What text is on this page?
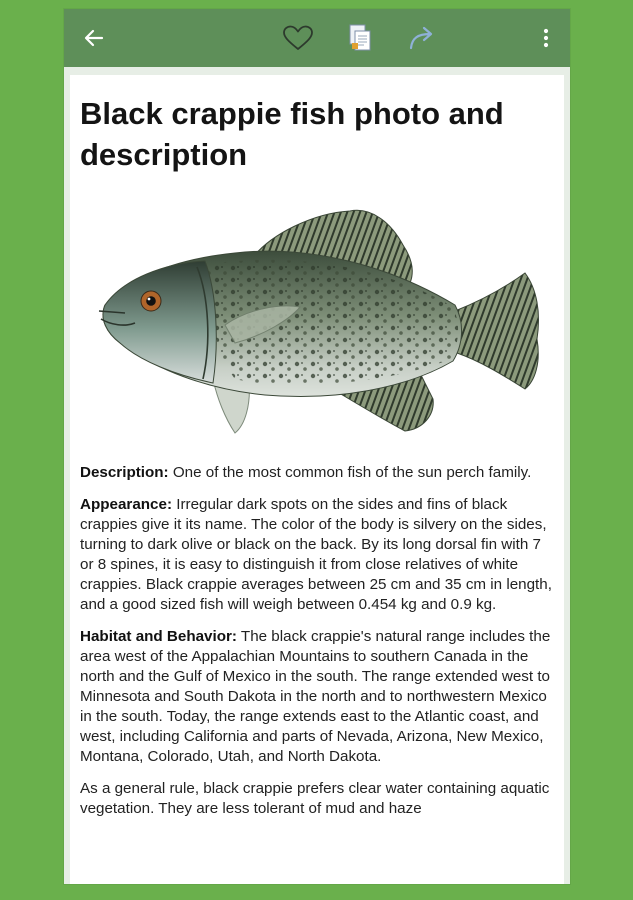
Black crappie fish photo and description

Description: One of the most common fish of the sun perch family.

Appearance: Irregular dark spots on the sides and fins of black crappies give it its name. The color of the body is silvery on the sides, turning to dark olive or black on the back. By its long dorsal fin with 7 or 8 spines, it is easy to distinguish it from close relatives of white crappies. Black crappie averages between 25 cm and 35 cm in length, and a good sized fish will weigh between 0.454 kg and 0.9 kg.

Habitat and Behavior: The black crappie's natural range includes the area west of the Appalachian Mountains to southern Canada in the north and the Gulf of Mexico in the south. The range extended west to Minnesota and South Dakota in the north and to northwestern Mexico in the south. Today, the range extends east to the Atlantic coast, and west, including California and parts of Nevada, Arizona, New Mexico, Montana, Colorado, Utah, and North Dakota.

As a general rule, black crappie prefers clear water containing aquatic vegetation. They are less tolerant of mud and haze
